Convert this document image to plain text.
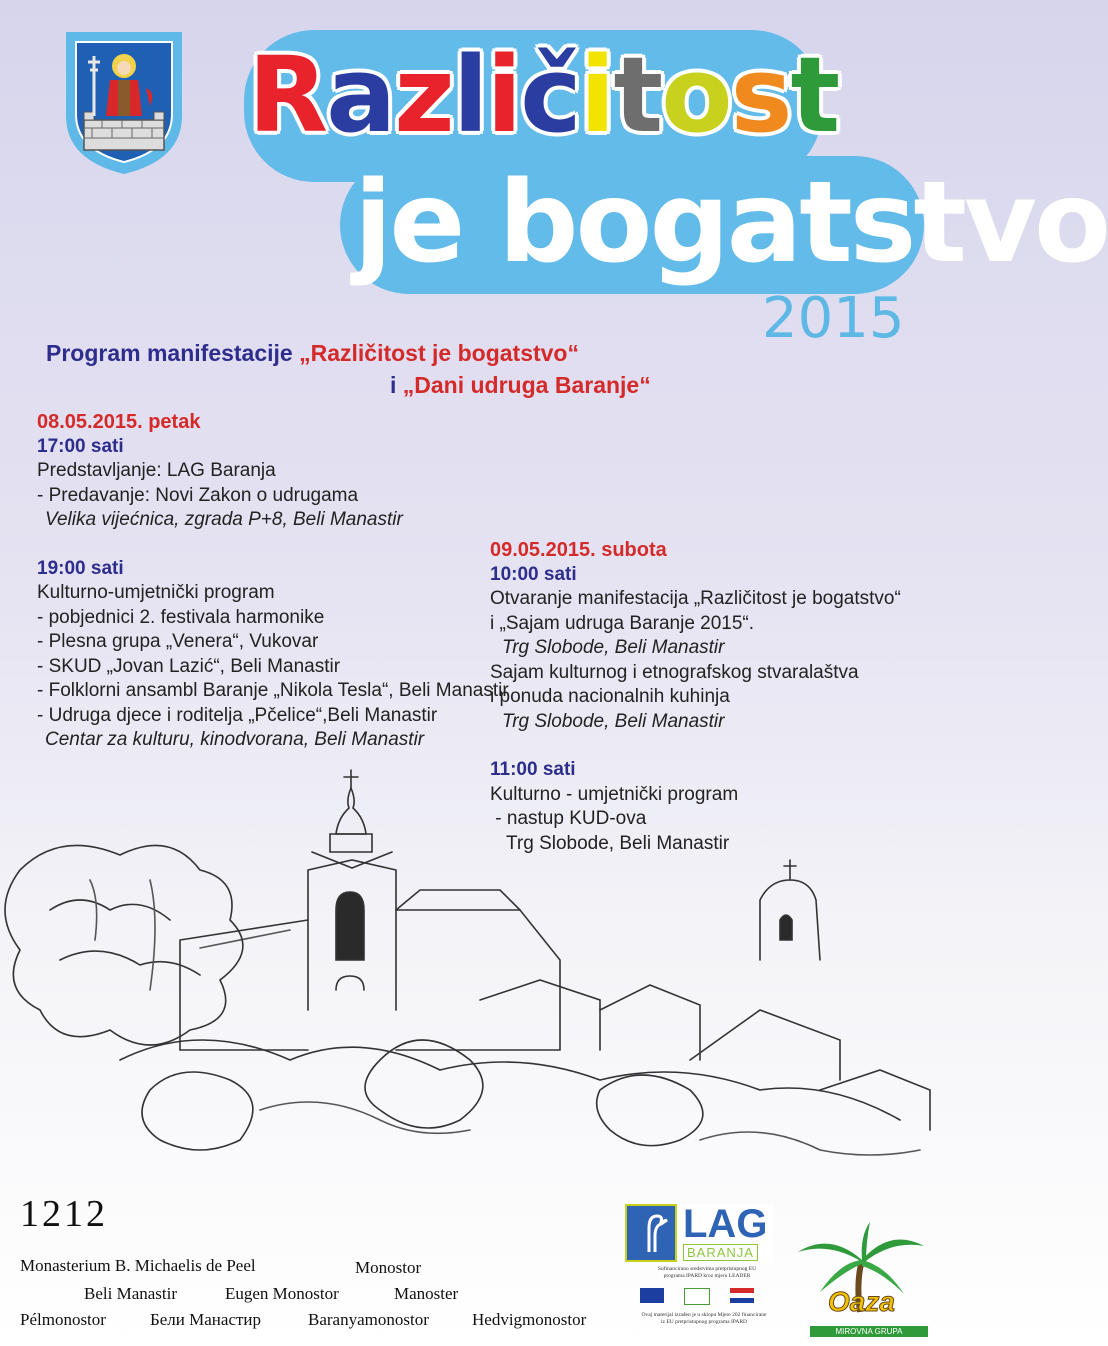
Različitost
je bogatstvo
2015
Program manifestacije „Različitost je bogatstvo“
i „Dani udruga Baranje“
08.05.2015. petak
17:00 sati
Predstavljanje: LAG Baranja
- Predavanje: Novi Zakon o udrugama
Velika vijećnica, zgrada P+8, Beli Manastir
19:00 sati
Kulturno-umjetnički program
- pobjednici 2. festivala harmonike
- Plesna grupa „Venera“, Vukovar
- SKUD „Jovan Lazić“, Beli Manastir
- Folklorni ansambl Baranje „Nikola Tesla“, Beli Manastir
- Udruga djece i roditelja „Pčelice“,Beli Manastir
Centar za kulturu, kinodvorana, Beli Manastir
09.05.2015. subota
10:00 sati
Otvaranje manifestacija „Različitost je bogatstvo“
i „Sajam udruga Baranje 2015“.
Trg Slobode, Beli Manastir
Sajam kulturnog i etnografskog stvaralaštva
i ponuda nacionalnih kuhinja
Trg Slobode, Beli Manastir
11:00 sati
Kulturno - umjetnički program
- nastup KUD-ova
Trg Slobode, Beli Manastir
1212
Monasterium B. Michaelis de Peel	Monostor
Beli Manastir	Eugen Monostor	Manoster
Pélmonostor	Бели Манастир	Baranyamonostor	Hedvigmonostor
LAG
BARANJA
Sufinancirano sredstvima pretpristupnog EU
programa IPARD kroz mjeru LEADER
Ovaj materijal izrađen je u sklopu Mjere 202 financirane
iz EU pretpristupnog programa IPARD
Oaza
MIROVNA GRUPA
